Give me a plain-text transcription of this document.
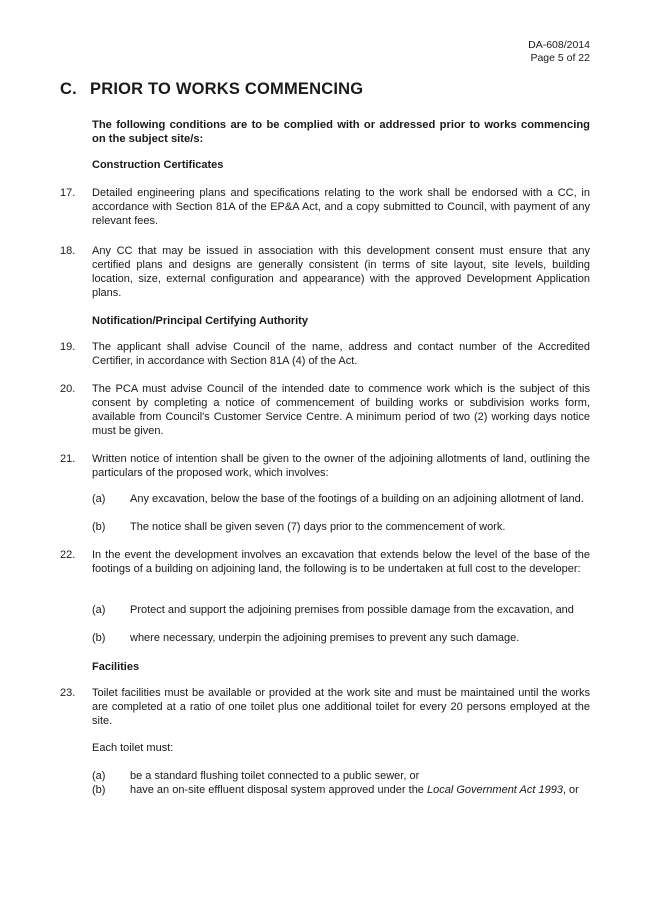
DA-608/2014
Page 5 of 22
C. PRIOR TO WORKS COMMENCING
The following conditions are to be complied with or addressed prior to works commencing on the subject site/s:
Construction Certificates
17.	Detailed engineering plans and specifications relating to the work shall be endorsed with a CC, in accordance with Section 81A of the EP&A Act, and a copy submitted to Council, with payment of any relevant fees.
18.	Any CC that may be issued in association with this development consent must ensure that any certified plans and designs are generally consistent (in terms of site layout, site levels, building location, size, external configuration and appearance) with the approved Development Application plans.
Notification/Principal Certifying Authority
19.	The applicant shall advise Council of the name, address and contact number of the Accredited Certifier, in accordance with Section 81A (4) of the Act.
20.	The PCA must advise Council of the intended date to commence work which is the subject of this consent by completing a notice of commencement of building works or subdivision works form, available from Council's Customer Service Centre. A minimum period of two (2) working days notice must be given.
21.	Written notice of intention shall be given to the owner of the adjoining allotments of land, outlining the particulars of the proposed work, which involves:
(a)	Any excavation, below the base of the footings of a building on an adjoining allotment of land.
(b)	The notice shall be given seven (7) days prior to the commencement of work.
22.	In the event the development involves an excavation that extends below the level of the base of the footings of a building on adjoining land, the following is to be undertaken at full cost to the developer:
(a)	Protect and support the adjoining premises from possible damage from the excavation, and
(b)	where necessary, underpin the adjoining premises to prevent any such damage.
Facilities
23.	Toilet facilities must be available or provided at the work site and must be maintained until the works are completed at a ratio of one toilet plus one additional toilet for every 20 persons employed at the site.
Each toilet must:
(a)	be a standard flushing toilet connected to a public sewer, or
(b)	have an on-site effluent disposal system approved under the Local Government Act 1993, or
